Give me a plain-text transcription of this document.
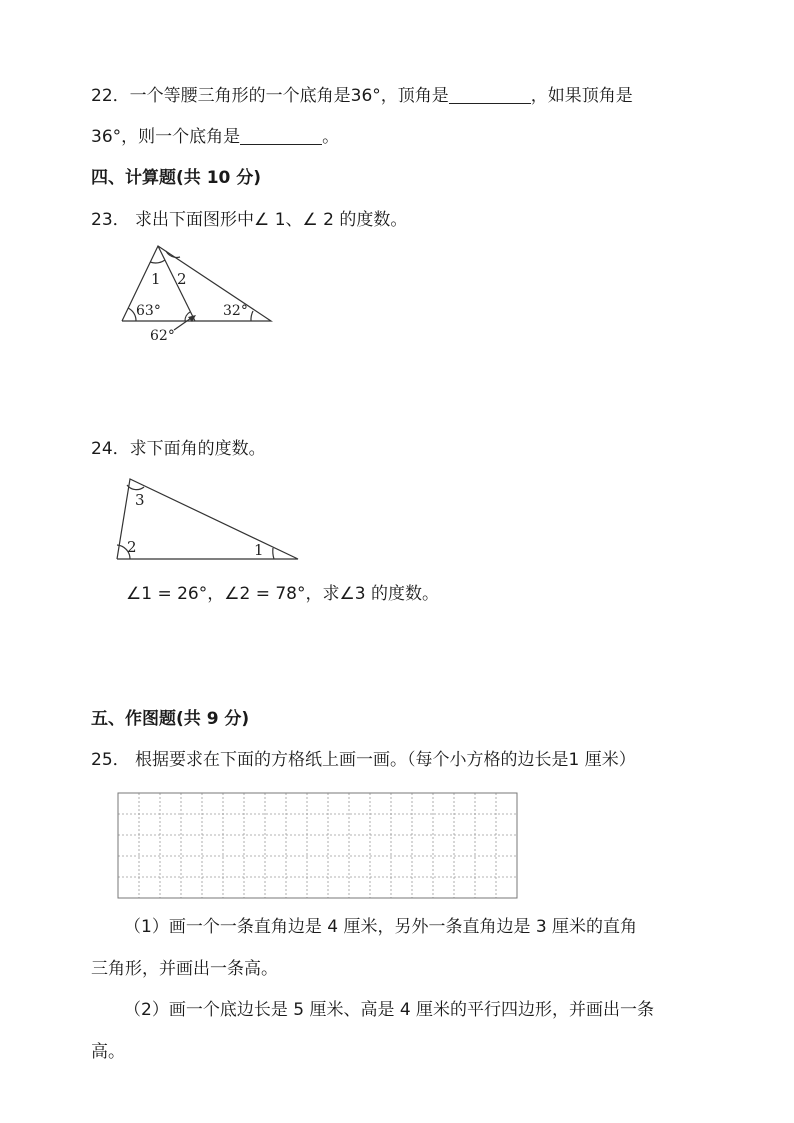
22．一个等腰三角形的一个底角是36°，顶角是	，如果顶角是
36°，则一个底角是	。
四、计算题(共 10 分)
23． 求出下面图形中∠ 1、∠ 2 的度数。
1 2
63°	32°
62°
24．求下面角的度数。
3
2	1
∠1 = 26°，∠2 = 78°，求∠3 的度数。
五、作图题(共 9 分)
25． 根据要求在下面的方格纸上画一画。（每个小方格的边长是1 厘米）
（1）画一个一条直角边是 4 厘米，另外一条直角边是 3 厘米的直角
三角形，并画出一条高。
（2）画一个底边长是 5 厘米、高是 4 厘米的平行四边形，并画出一条
高。
